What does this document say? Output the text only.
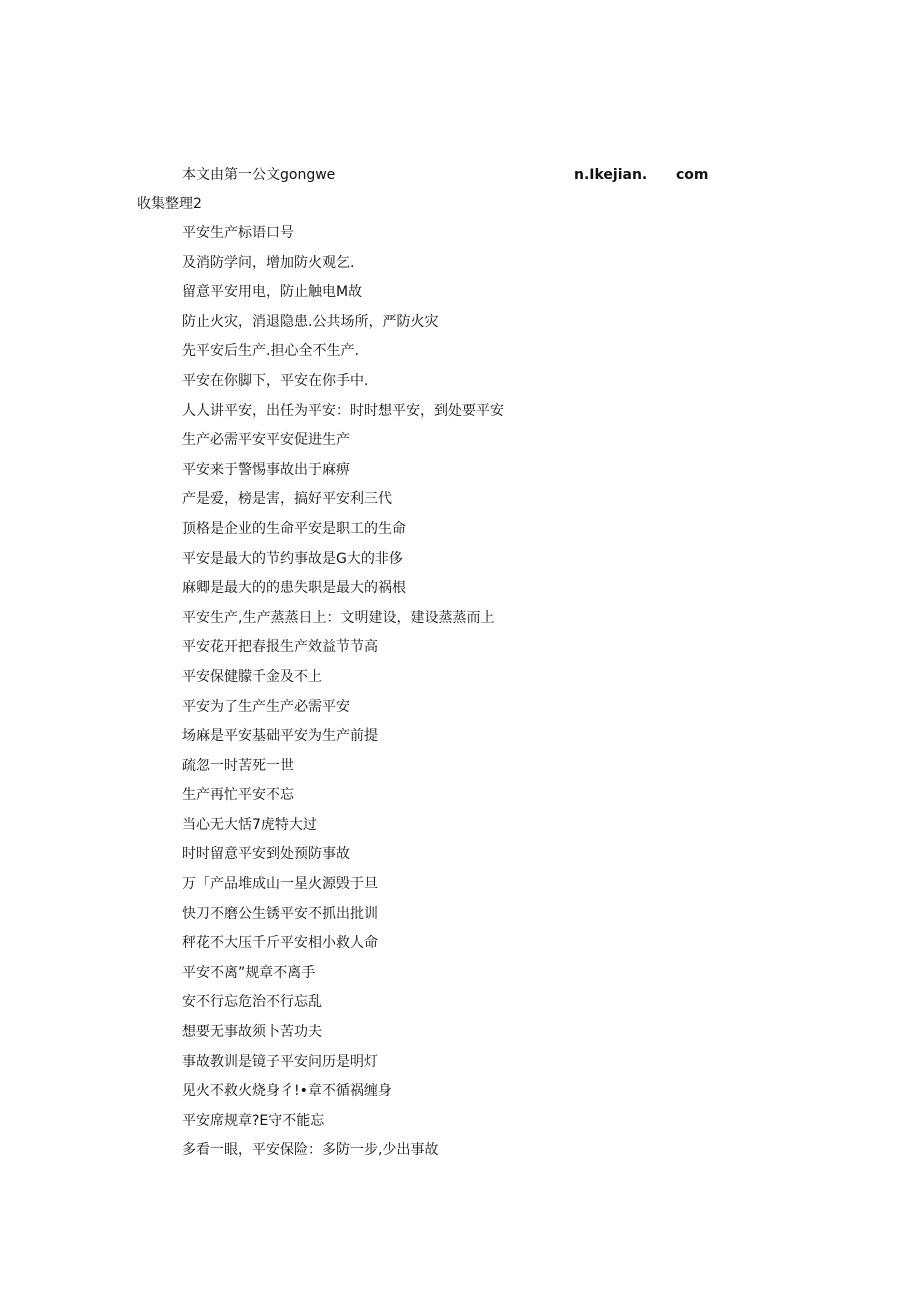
本文由第一公文gongwe	n.Ikejian. com
收集整理2
平安生产标语口号
及消防学问，增加防火观乞.
留意平安用电，防止触电M故
防止火灾，消退隐患.公共场所，严防火灾
先平安后生产.担心全不生产.
平安在你脚下，平安在你手中.
人人讲平安，出任为平安：时时想平安，到处要平安
生产必需平安平安促进生产
平安来于警惕事故出于麻痹
产是爱，榜是害，搞好平安利三代
顶格是企业的生命平安是职工的生命
平安是最大的节约事故是G大的非侈
麻卿是最大的的患失职是最大的祸根
平安生产,生产蒸蒸日上：文明建设，建设蒸蒸而上
平安花开把春报生产效益节节高
平安保健朦千金及不上
平安为了生产生产必需平安
场麻是平安基础平安为生产前提
疏忽一时苦死一世
生产再忙平安不忘
当心无大恬7虎特大过
时时留意平安到处预防事故
万「产品堆成山一星火源毁于旦
快刀不磨公生锈平安不抓出批训
秤花不大压千斤平安相小救人命
平安不离”规章不离手
安不行忘危治不行忘乱
想要无事故须卜苦功夫
事故教训是镜子平安问历是明灯
见火不救火烧身彳!•章不循祸缠身
平安席规章?E守不能忘
多看一眼，平安保险：多防一步,少出事故
